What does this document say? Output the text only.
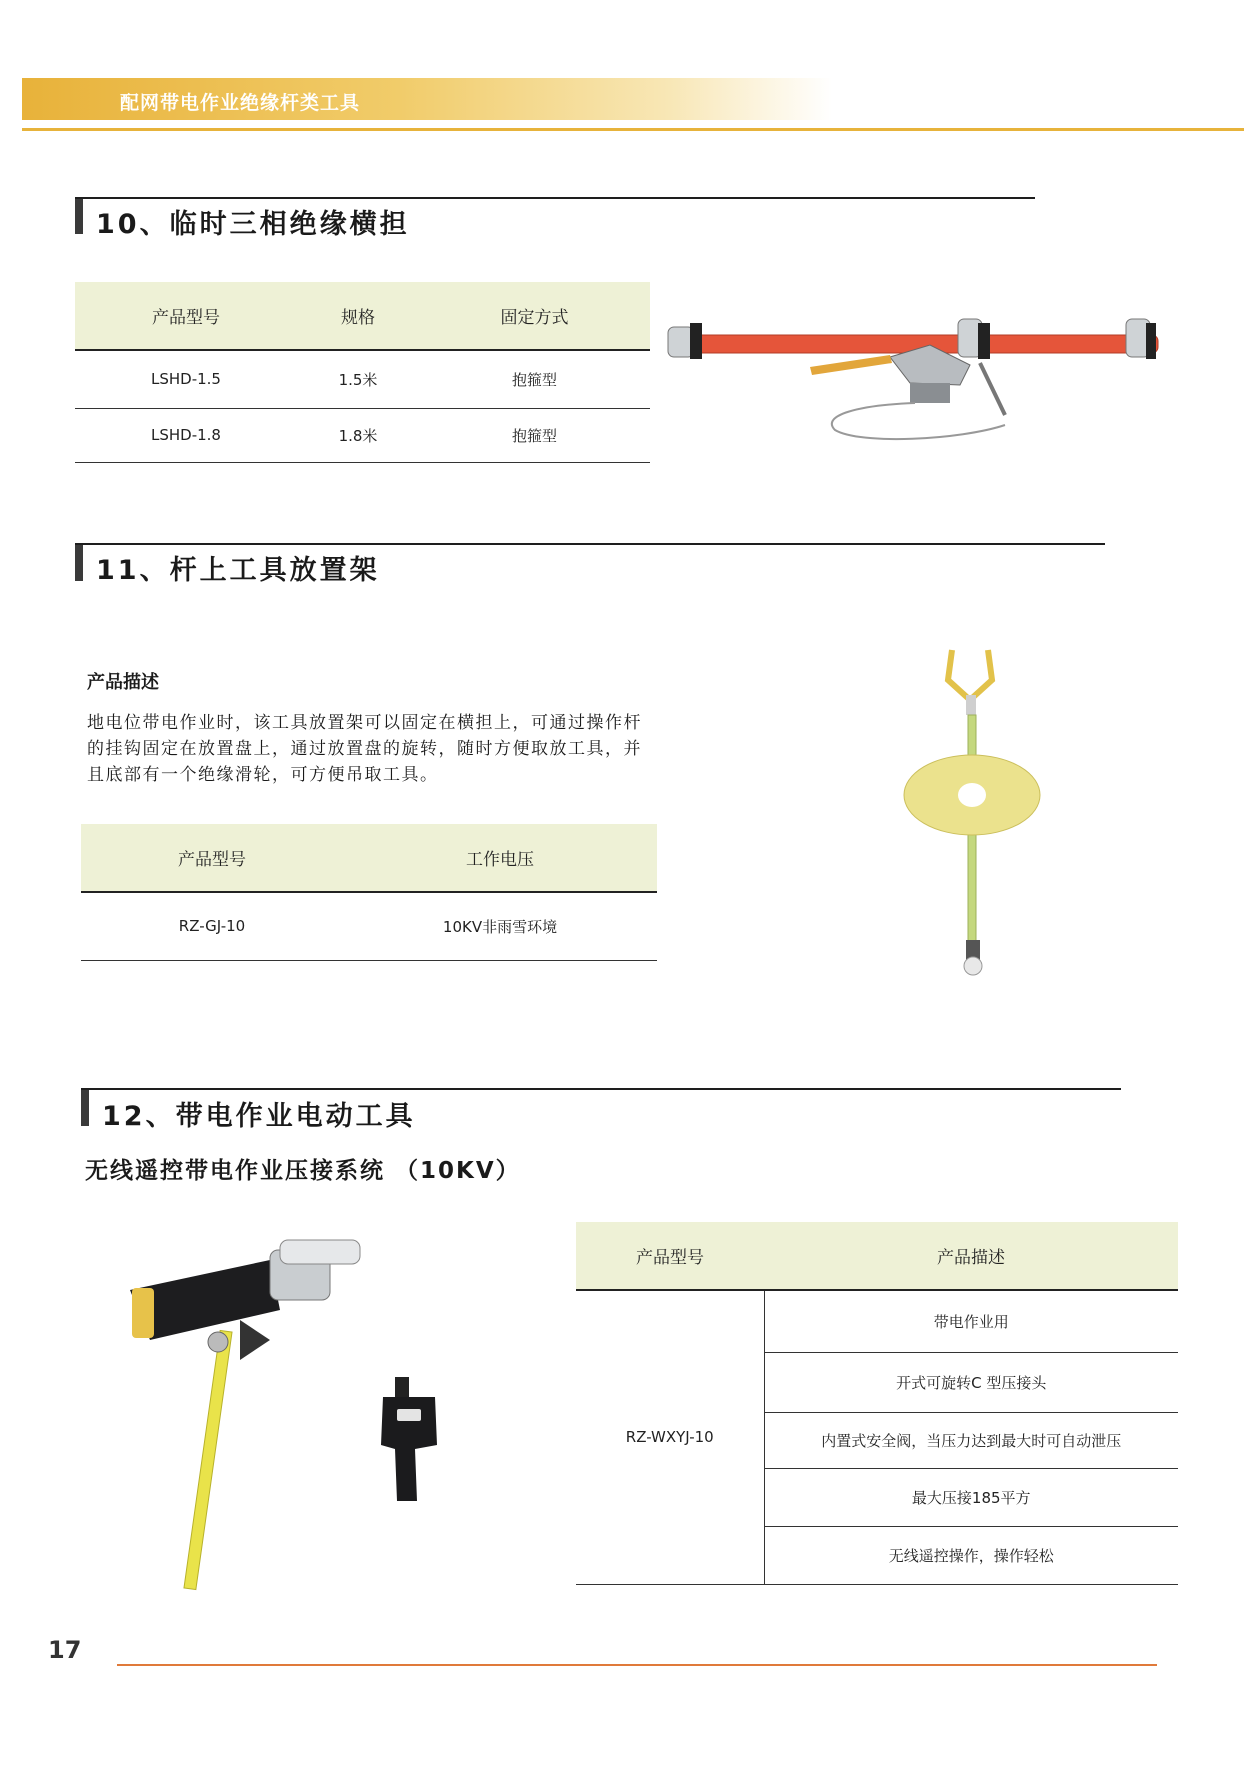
配网带电作业绝缘杆类工具
10、临时三相绝缘横担
产品型号	规格	固定方式
LSHD-1.5	1.5米	抱箍型
LSHD-1.8	1.8米	抱箍型
11、杆上工具放置架
产品描述
地电位带电作业时，该工具放置架可以固定在横担上，可通过操作杆
的挂钩固定在放置盘上，通过放置盘的旋转，随时方便取放工具，并
且底部有一个绝缘滑轮，可方便吊取工具。
产品型号	工作电压
RZ-GJ-10	10KV非雨雪环境
12、带电作业电动工具
无线遥控带电作业压接系统 （10KV）
产品型号	产品描述
RZ-WXYJ-10	带电作业用
	开式可旋转C 型压接头
	内置式安全阀，当压力达到最大时可自动泄压
	最大压接185平方
	无线遥控操作，操作轻松
17
